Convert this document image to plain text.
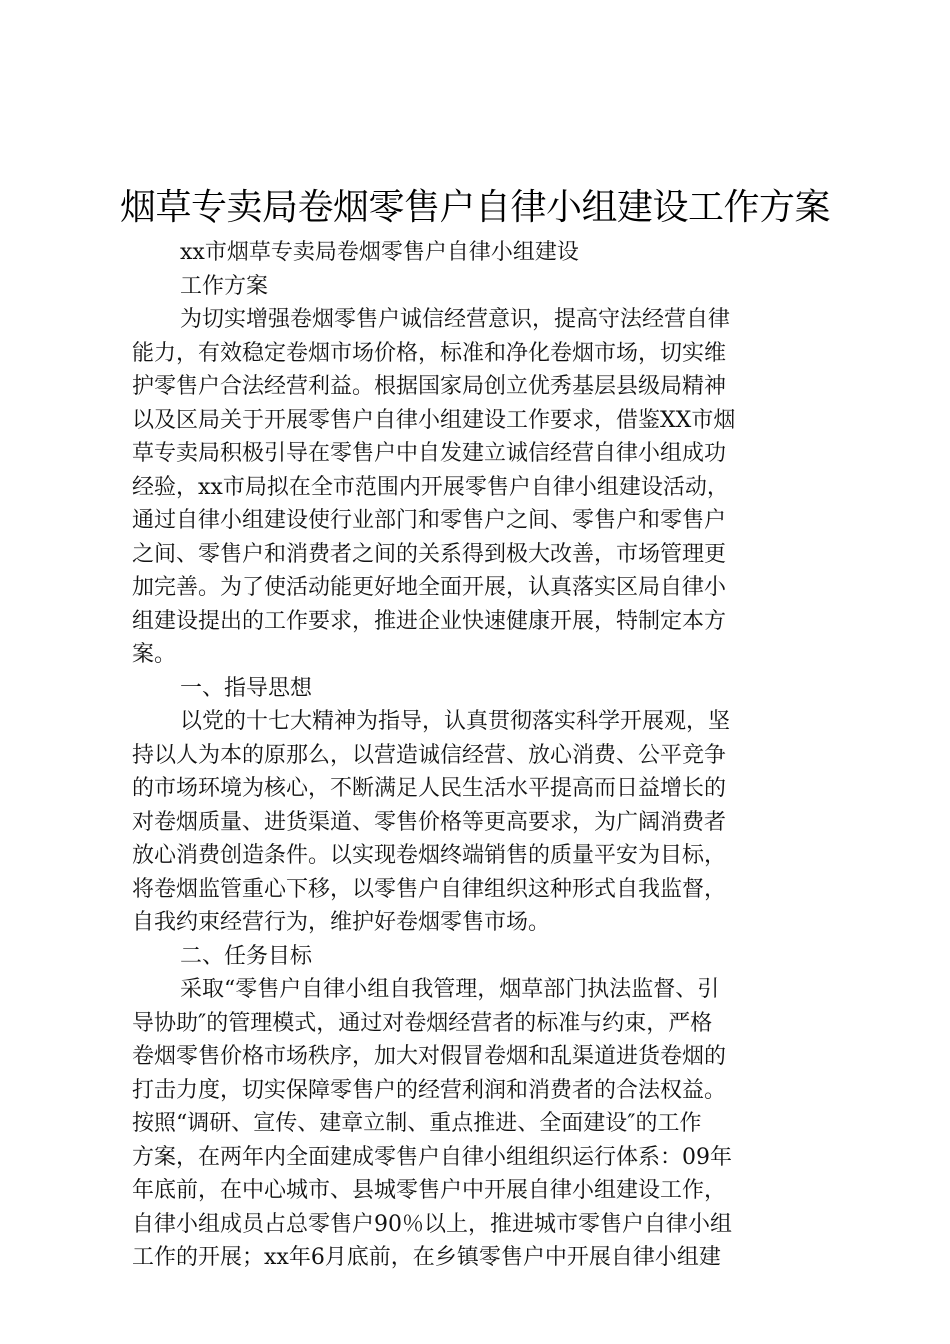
烟草专卖局卷烟零售户自律小组建设工作方案
xx市烟草专卖局卷烟零售户自律小组建设
工作方案
为切实增强卷烟零售户诚信经营意识，提高守法经营自律
能力，有效稳定卷烟市场价格，标准和净化卷烟市场，切实维
护零售户合法经营利益。根据国家局创立优秀基层县级局精神
以及区局关于开展零售户自律小组建设工作要求，借鉴XX市烟
草专卖局积极引导在零售户中自发建立诚信经营自律小组成功
经验，xx市局拟在全市范围内开展零售户自律小组建设活动，
通过自律小组建设使行业部门和零售户之间、零售户和零售户
之间、零售户和消费者之间的关系得到极大改善，市场管理更
加完善。为了使活动能更好地全面开展，认真落实区局自律小
组建设提出的工作要求，推进企业快速健康开展，特制定本方
案。
一、指导思想
以党的十七大精神为指导，认真贯彻落实科学开展观，坚
持以人为本的原那么，以营造诚信经营、放心消费、公平竞争
的市场环境为核心，不断满足人民生活水平提高而日益增长的
对卷烟质量、进货渠道、零售价格等更高要求，为广阔消费者
放心消费创造条件。以实现卷烟终端销售的质量平安为目标，
将卷烟监管重心下移，以零售户自律组织这种形式自我监督，
自我约束经营行为，维护好卷烟零售市场。
二、任务目标
采取“零售户自律小组自我管理，烟草部门执法监督、引
导协助″的管理模式，通过对卷烟经营者的标准与约束，严格
卷烟零售价格市场秩序，加大对假冒卷烟和乱渠道进货卷烟的
打击力度，切实保障零售户的经营利润和消费者的合法权益。
按照“调研、宣传、建章立制、重点推进、全面建设″的工作
方案，在两年内全面建成零售户自律小组组织运行体系：09年
年底前，在中心城市、县城零售户中开展自律小组建设工作，
自律小组成员占总零售户90％以上，推进城市零售户自律小组
工作的开展；xx年6月底前，在乡镇零售户中开展自律小组建
